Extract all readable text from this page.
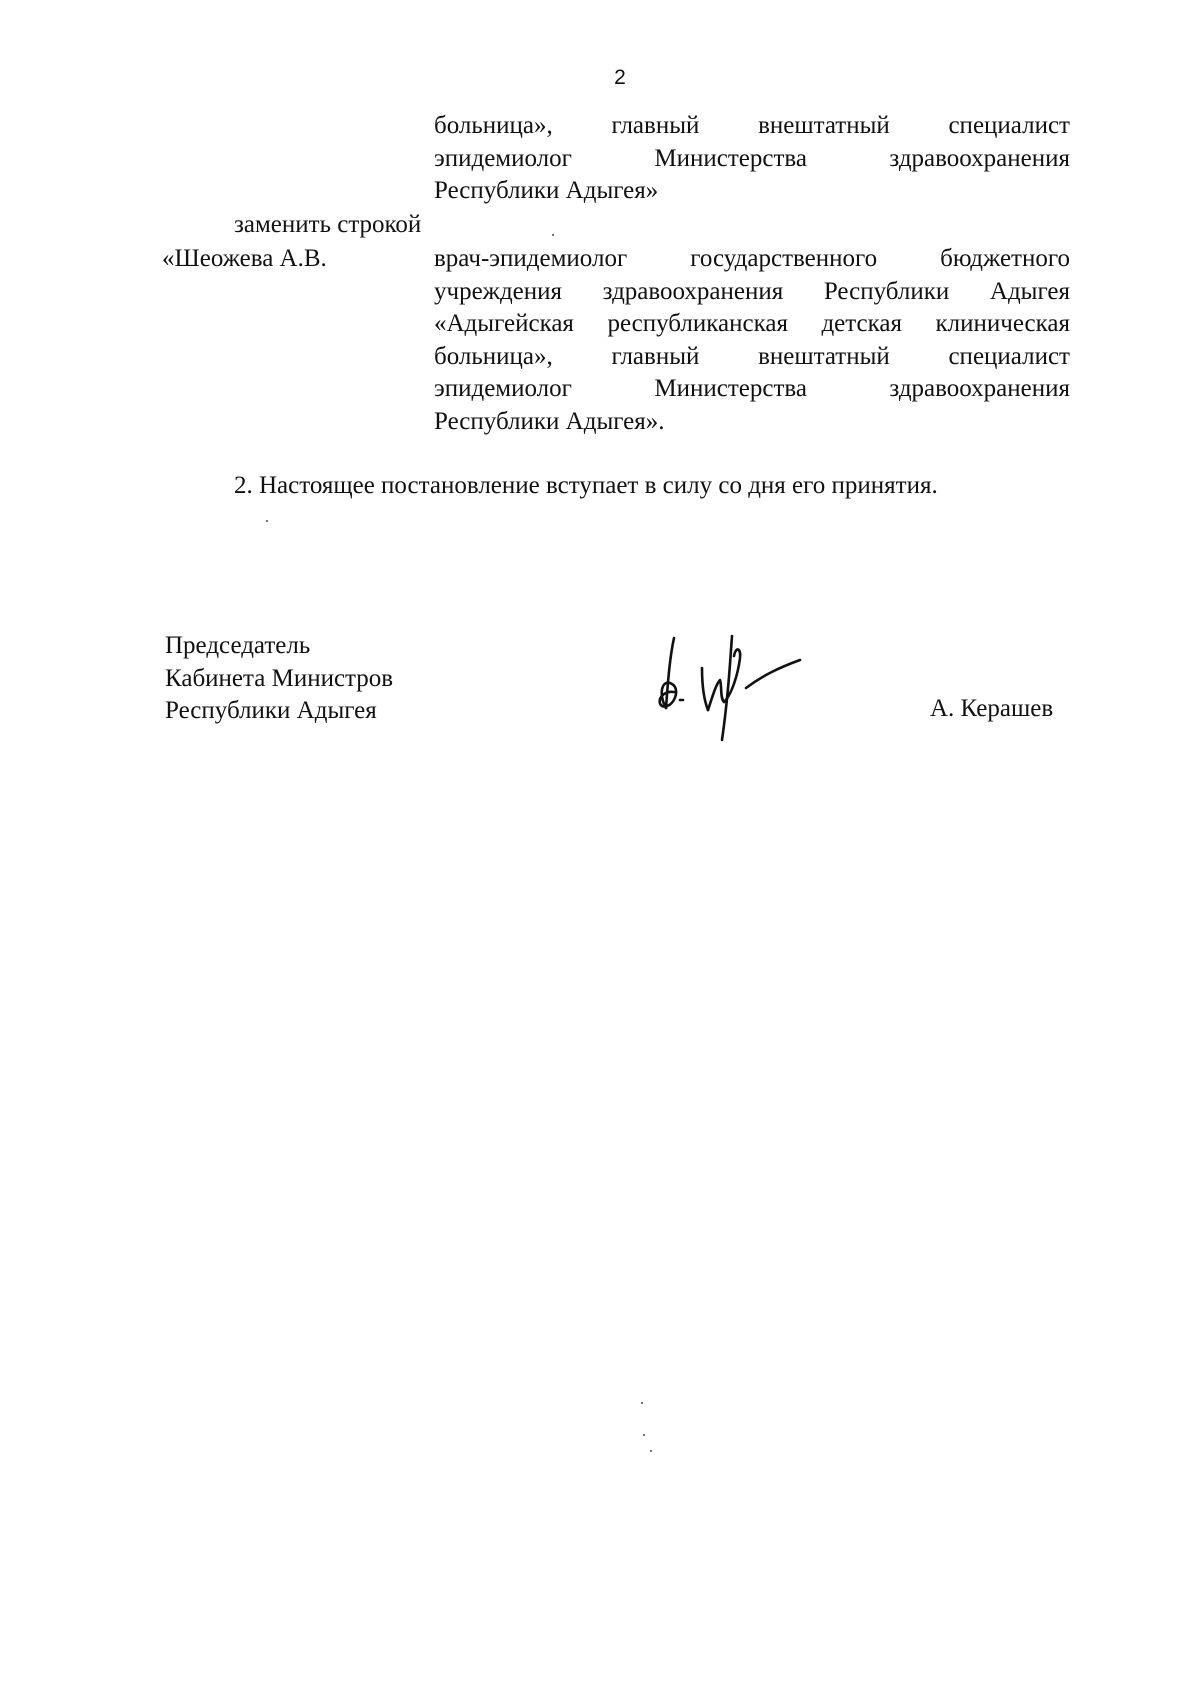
2
больница», главный внештатный специалист
эпидемиолог Министерства здравоохранения
Республики Адыгея»
заменить строкой
«Шеожева А.В.	врач-эпидемиолог государственного бюджетного
учреждения здравоохранения Республики Адыгея
«Адыгейская республиканская детская клиническая
больница», главный внештатный специалист
эпидемиолог Министерства здравоохранения
Республики Адыгея».
2. Настоящее постановление вступает в силу со дня его принятия.
Председатель
Кабинета Министров
Республики Адыгея	А. Керашев
